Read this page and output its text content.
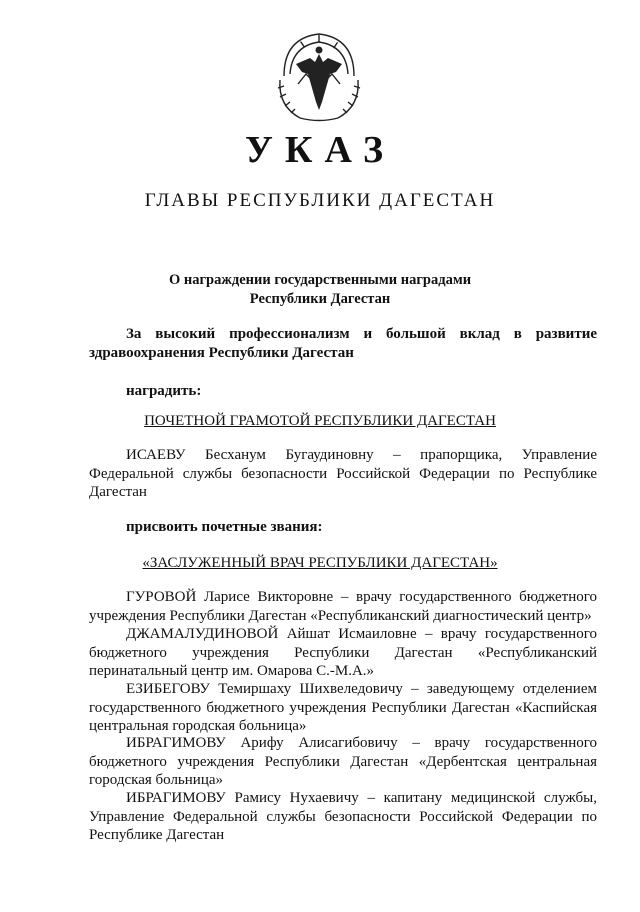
УКАЗ
ГЛАВЫ РЕСПУБЛИКИ ДАГЕСТАН
О награждении государственными наградами
Республики Дагестан

За высокий профессионализм и большой вклад в развитие здравоохранения Республики Дагестан

наградить:

ПОЧЕТНОЙ ГРАМОТОЙ РЕСПУБЛИКИ ДАГЕСТАН

ИСАЕВУ Бесханум Бугаудиновну – прапорщика, Управление Федеральной службы безопасности Российской Федерации по Республике Дагестан

присвоить почетные звания:

«ЗАСЛУЖЕННЫЙ ВРАЧ РЕСПУБЛИКИ ДАГЕСТАН»

ГУРОВОЙ Ларисе Викторовне – врачу государственного бюджетного учреждения Республики Дагестан «Республиканский диагностический центр»

ДЖАМАЛУДИНОВОЙ Айшат Исмаиловне – врачу государственного бюджетного учреждения Республики Дагестан «Республиканский перинатальный центр им. Омарова С.-М.А.»

ЕЗИБЕГОВУ Темиршаху Шихвеледовичу – заведующему отделением государственного бюджетного учреждения Республики Дагестан «Каспийская центральная городская больница»

ИБРАГИМОВУ Арифу Алисагибовичу – врачу государственного бюджетного учреждения Республики Дагестан «Дербентская центральная городская больница»

ИБРАГИМОВУ Рамису Нухаевичу – капитану медицинской службы, Управление Федеральной службы безопасности Российской Федерации по Республике Дагестан
